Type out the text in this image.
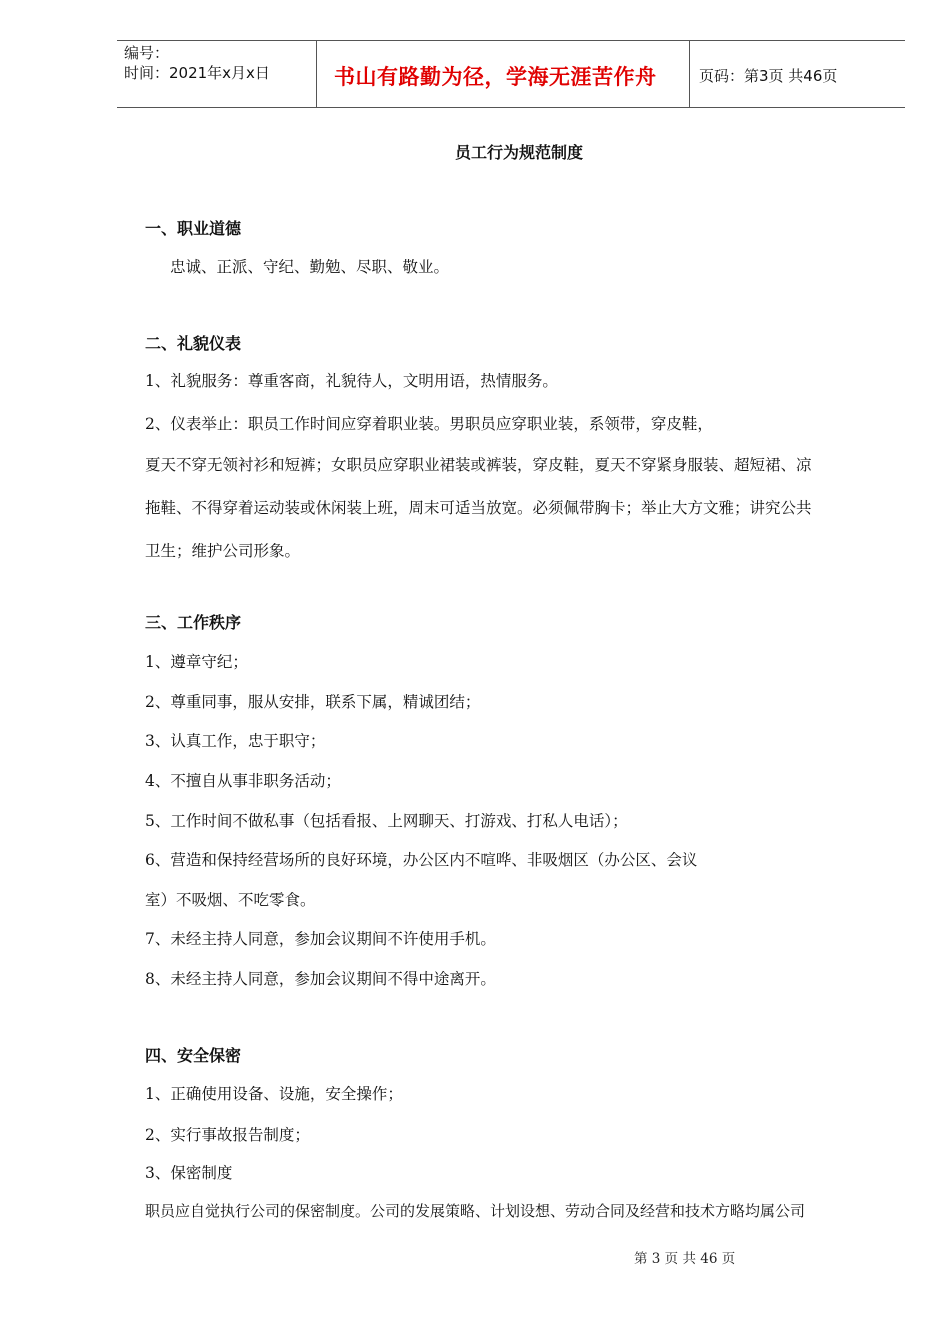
编号：
时间：2021年x月x日	书山有路勤为径，学海无涯苦作舟	页码：第3页 共46页
员工行为规范制度
一、职业道德
忠诚、正派、守纪、勤勉、尽职、敬业。
二、礼貌仪表
1、礼貌服务：尊重客商，礼貌待人，文明用语，热情服务。
2、仪表举止：职员工作时间应穿着职业装。男职员应穿职业装，系领带，穿皮鞋，
夏天不穿无领衬衫和短裤；女职员应穿职业裙装或裤装，穿皮鞋，夏天不穿紧身服装、超短裙、凉
拖鞋、不得穿着运动装或休闲装上班，周末可适当放宽。必须佩带胸卡；举止大方文雅；讲究公共
卫生；维护公司形象。
三、工作秩序
1、遵章守纪；
2、尊重同事，服从安排，联系下属，精诚团结；
3、认真工作，忠于职守；
4、不擅自从事非职务活动；
5、工作时间不做私事（包括看报、上网聊天、打游戏、打私人电话）；
6、营造和保持经营场所的良好环境，办公区内不喧哗、非吸烟区（办公区、会议
室）不吸烟、不吃零食。
7、未经主持人同意，参加会议期间不许使用手机。
8、未经主持人同意，参加会议期间不得中途离开。
四、安全保密
1、正确使用设备、设施，安全操作；
2、实行事故报告制度；
3、保密制度
职员应自觉执行公司的保密制度。公司的发展策略、计划设想、劳动合同及经营和技术方略均属公司
第 3 页 共 46 页
